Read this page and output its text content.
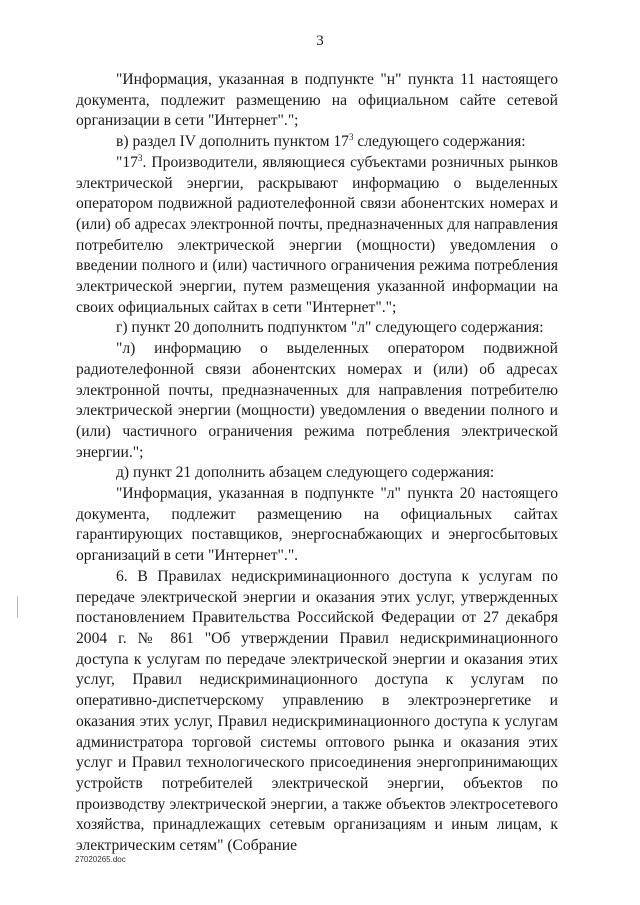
3

"Информация, указанная в подпункте "н" пункта 11 настоящего документа, подлежит размещению на официальном сайте сетевой организации в сети "Интернет".";

в) раздел IV дополнить пунктом $17^3$ следующего содержания:

"$17^3$. Производители, являющиеся субъектами розничных рынков электрической энергии, раскрывают информацию о выделенных оператором подвижной радиотелефонной связи абонентских номерах и (или) об адресах электронной почты, предназначенных для направления потребителю электрической энергии (мощности) уведомления о введении полного и (или) частичного ограничения режима потребления электрической энергии, путем размещения указанной информации на своих официальных сайтах в сети "Интернет".";

г) пункт 20 дополнить подпунктом "л" следующего содержания:

"л) информацию о выделенных оператором подвижной радиотелефонной связи абонентских номерах и (или) об адресах электронной почты, предназначенных для направления потребителю электрической энергии (мощности) уведомления о введении полного и (или) частичного ограничения режима потребления электрической энергии.";

д) пункт 21 дополнить абзацем следующего содержания:

"Информация, указанная в подпункте "л" пункта 20 настоящего документа, подлежит размещению на официальных сайтах гарантирующих поставщиков, энергоснабжающих и энергосбытовых организаций в сети "Интернет".".

6. В Правилах недискриминационного доступа к услугам по передаче электрической энергии и оказания этих услуг, утвержденных постановлением Правительства Российской Федерации от 27 декабря 2004 г. № 861 "Об утверждении Правил недискриминационного доступа к услугам по передаче электрической энергии и оказания этих услуг, Правил недискриминационного доступа к услугам по оперативно-диспетчерскому управлению в электроэнергетике и оказания этих услуг, Правил недискриминационного доступа к услугам администратора торговой системы оптового рынка и оказания этих услуг и Правил технологического присоединения энергопринимающих устройств потребителей электрической энергии, объектов по производству электрической энергии, а также объектов электросетевого хозяйства, принадлежащих сетевым организациям и иным лицам, к электрическим сетям" (Собрание

27020265.doc
